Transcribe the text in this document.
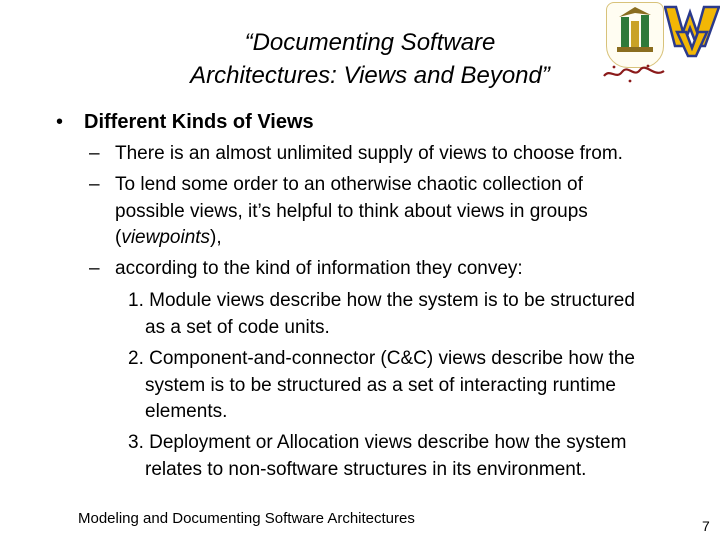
“Documenting Software
Architectures: Views and Beyond”
• Different Kinds of Views
– There is an almost unlimited supply of views to choose from.
– To lend some order to an otherwise chaotic collection of
possible views, it’s helpful to think about views in groups
(viewpoints),
– according to the kind of information they convey:
1. Module views describe how the system is to be structured
as a set of code units.
2. Component-and-connector (C&C) views describe how the
system is to be structured as a set of interacting runtime
elements.
3. Deployment or Allocation views describe how the system
relates to non-software structures in its environment.
Modeling and Documenting Software Architectures	7
